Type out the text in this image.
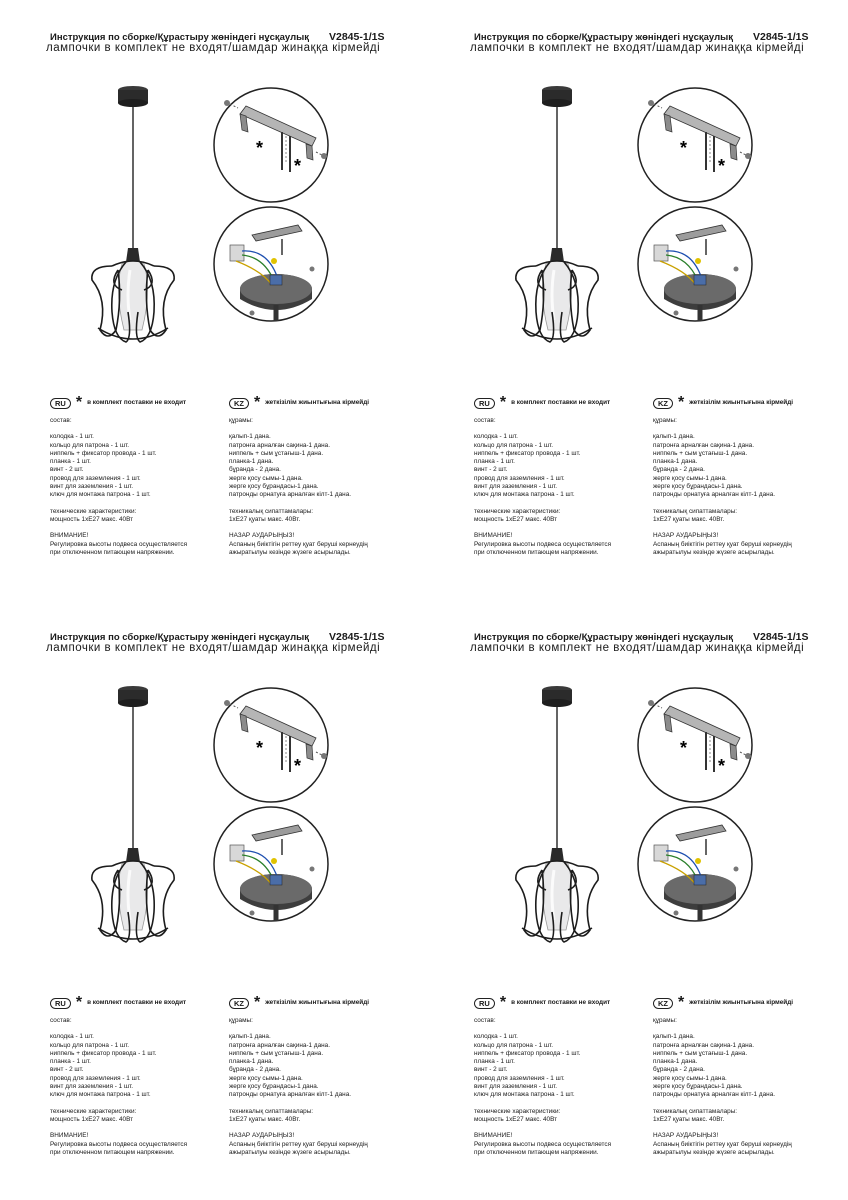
Инструкция по сборке/Құрастыру жөніндегі нұсқаулық V2845-1/1S
лампочки в комплект не входят/шамдар жинаққа кірмейді
*
*
RU * в комплект поставки не входит
состав:
колодка - 1 шт.
кольцо для патрона - 1 шт.
ниппель + фиксатор провода - 1 шт.
планка - 1 шт.
винт - 2 шт.
провод для заземления - 1 шт.
винт для заземления - 1 шт.
ключ для монтажа патрона - 1 шт.
технические характеристики:
мощность 1хЕ27 макс. 40Вт
ВНИМАНИЕ!
Регулировка высоты подвеса осуществляется
при отключенном питающем напряжении.
KZ * жеткізілім жиынтығына кірмейді
құрамы:
қалып-1 дана.
патронға арналған сақина-1 дана.
ниппель + сым ұстағыш-1 дана.
планка-1 дана.
бұранда - 2 дана.
жерге қосу сымы-1 дана.
жерге қосу бұрандасы-1 дана.
патронды орнатуға арналған кілт-1 дана.
техникалық сипаттамалары:
1хЕ27 қуаты макс. 40Вт.
НАЗАР АУДАРЫҢЫЗ!
Аспаның биіктігін реттеу қуат беруші кернеудің
ажыратылуы кезінде жүзеге асырылады.
Инструкция по сборке/Құрастыру жөніндегі нұсқаулық V2845-1/1S
лампочки в комплект не входят/шамдар жинаққа кірмейді
*
*
RU * в комплект поставки не входит
состав:
колодка - 1 шт.
кольцо для патрона - 1 шт.
ниппель + фиксатор провода - 1 шт.
планка - 1 шт.
винт - 2 шт.
провод для заземления - 1 шт.
винт для заземления - 1 шт.
ключ для монтажа патрона - 1 шт.
технические характеристики:
мощность 1хЕ27 макс. 40Вт
ВНИМАНИЕ!
Регулировка высоты подвеса осуществляется
при отключенном питающем напряжении.
KZ * жеткізілім жиынтығына кірмейді
құрамы:
қалып-1 дана.
патронға арналған сақина-1 дана.
ниппель + сым ұстағыш-1 дана.
планка-1 дана.
бұранда - 2 дана.
жерге қосу сымы-1 дана.
жерге қосу бұрандасы-1 дана.
патронды орнатуға арналған кілт-1 дана.
техникалық сипаттамалары:
1хЕ27 қуаты макс. 40Вт.
НАЗАР АУДАРЫҢЫЗ!
Аспаның биіктігін реттеу қуат беруші кернеудің
ажыратылуы кезінде жүзеге асырылады.
Инструкция по сборке/Құрастыру жөніндегі нұсқаулық V2845-1/1S
лампочки в комплект не входят/шамдар жинаққа кірмейді
*
*
RU * в комплект поставки не входит
состав:
колодка - 1 шт.
кольцо для патрона - 1 шт.
ниппель + фиксатор провода - 1 шт.
планка - 1 шт.
винт - 2 шт.
провод для заземления - 1 шт.
винт для заземления - 1 шт.
ключ для монтажа патрона - 1 шт.
технические характеристики:
мощность 1хЕ27 макс. 40Вт
ВНИМАНИЕ!
Регулировка высоты подвеса осуществляется
при отключенном питающем напряжении.
KZ * жеткізілім жиынтығына кірмейді
құрамы:
қалып-1 дана.
патронға арналған сақина-1 дана.
ниппель + сым ұстағыш-1 дана.
планка-1 дана.
бұранда - 2 дана.
жерге қосу сымы-1 дана.
жерге қосу бұрандасы-1 дана.
патронды орнатуға арналған кілт-1 дана.
техникалық сипаттамалары:
1хЕ27 қуаты макс. 40Вт.
НАЗАР АУДАРЫҢЫЗ!
Аспаның биіктігін реттеу қуат беруші кернеудің
ажыратылуы кезінде жүзеге асырылады.
Инструкция по сборке/Құрастыру жөніндегі нұсқаулық V2845-1/1S
лампочки в комплект не входят/шамдар жинаққа кірмейді
*
*
RU * в комплект поставки не входит
состав:
колодка - 1 шт.
кольцо для патрона - 1 шт.
ниппель + фиксатор провода - 1 шт.
планка - 1 шт.
винт - 2 шт.
провод для заземления - 1 шт.
винт для заземления - 1 шт.
ключ для монтажа патрона - 1 шт.
технические характеристики:
мощность 1хЕ27 макс. 40Вт
ВНИМАНИЕ!
Регулировка высоты подвеса осуществляется
при отключенном питающем напряжении.
KZ * жеткізілім жиынтығына кірмейді
құрамы:
қалып-1 дана.
патронға арналған сақина-1 дана.
ниппель + сым ұстағыш-1 дана.
планка-1 дана.
бұранда - 2 дана.
жерге қосу сымы-1 дана.
жерге қосу бұрандасы-1 дана.
патронды орнатуға арналған кілт-1 дана.
техникалық сипаттамалары:
1хЕ27 қуаты макс. 40Вт.
НАЗАР АУДАРЫҢЫЗ!
Аспаның биіктігін реттеу қуат беруші кернеудің
ажыратылуы кезінде жүзеге асырылады.
